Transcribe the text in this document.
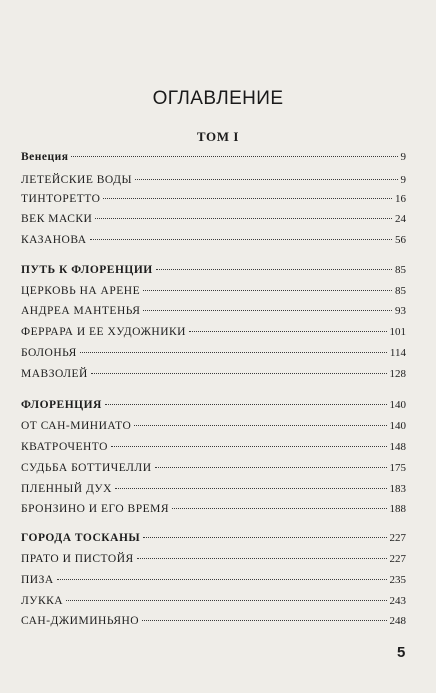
ОГЛАВЛЕНИЕ
ТОМ I
Венеция	9
ЛЕТЕЙСКИЕ ВОДЫ	9
ТИНТОРЕТТО	16
ВЕК МАСКИ	24
КАЗАНОВА	56
ПУТЬ К ФЛОРЕНЦИИ	85
ЦЕРКОВЬ НА АРЕНЕ	85
АНДРЕА МАНТЕНЬЯ	93
ФЕРРАРА И ЕЕ ХУДОЖНИКИ	101
БОЛОНЬЯ	114
МАВЗОЛЕЙ	128
ФЛОРЕНЦИЯ	140
ОТ САН-МИНИАТО	140
КВАТРОЧЕНТО	148
СУДЬБА БОТТИЧЕЛЛИ	175
ПЛЕННЫЙ ДУХ	183
БРОНЗИНО И ЕГО ВРЕМЯ	188
ГОРОДА ТОСКАНЫ	227
ПРАТО И ПИСТОЙЯ	227
ПИЗА	235
ЛУККА	243
САН-ДЖИМИНЬЯНО	248
5
